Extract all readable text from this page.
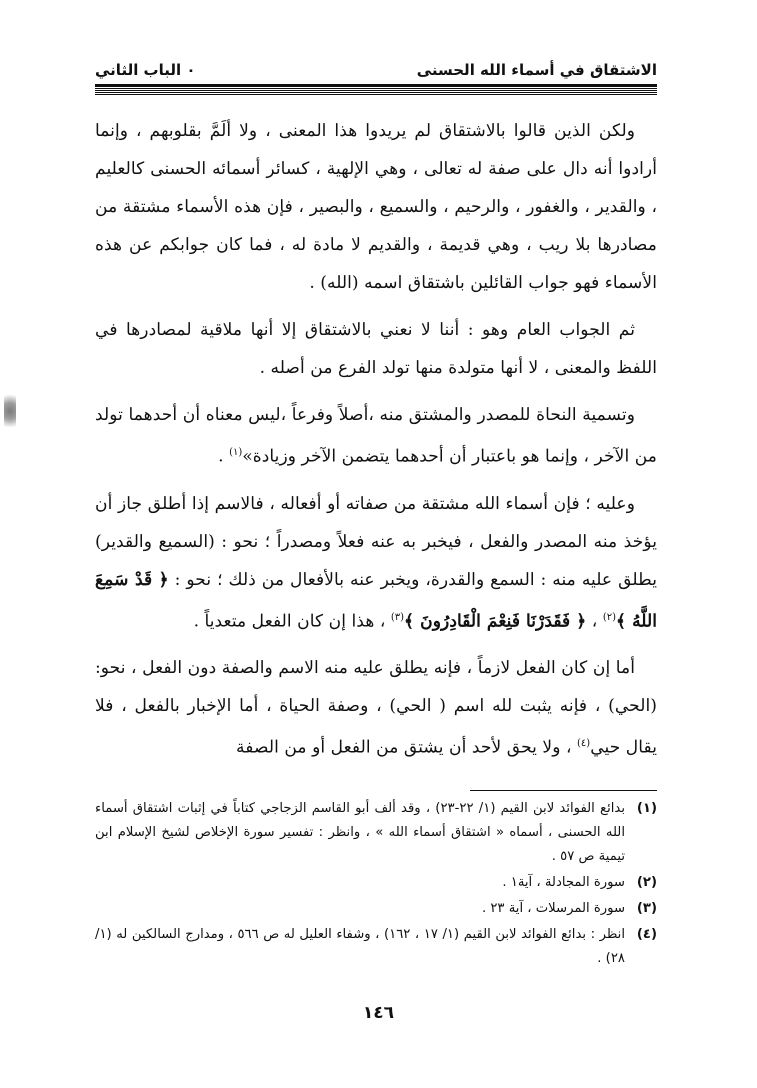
الاشتقاق في أسماء الله الحسنى
٠ الباب الثاني

ولكن الذين قالوا بالاشتقاق لم يريدوا هذا المعنى ، ولا ألَمَّ بقلوبهم ، وإنما أرادوا أنه دال على صفة له تعالى ، وهي الإلهية ، كسائر أسمائه الحسنى كالعليم ، والقدير ، والغفور ، والرحيم ، والسميع ، والبصير ، فإن هذه الأسماء مشتقة من مصادرها بلا ريب ، وهي قديمة ، والقديم لا مادة له ، فما كان جوابكم عن هذه الأسماء فهو جواب القائلين باشتقاق اسمه (الله) .

ثم الجواب العام وهو : أننا لا نعني بالاشتقاق إلا أنها ملاقية لمصادرها في اللفظ والمعنى ، لا أنها متولدة منها تولد الفرع من أصله .

وتسمية النحاة للمصدر والمشتق منه ،أصلاً وفرعاً ،ليس معناه أن أحدهما تولد من الآخر ، وإنما هو باعتبار أن أحدهما يتضمن الآخر وزيادة»$^{(١)}$ .

وعليه ؛ فإن أسماء الله مشتقة من صفاته أو أفعاله ، فالاسم إذا أطلق جاز أن يؤخذ منه المصدر والفعل ، فيخبر به عنه فعلاً ومصدراً ؛ نحو : (السميع والقدير) يطلق عليه منه : السمع والقدرة، ويخبر عنه بالأفعال من ذلك ؛ نحو : ﴿ قَدْ سَمِعَ اللَّهُ ﴾$^{(٢)}$ ، ﴿ فَقَدَرْنَا فَنِعْمَ الْقَادِرُونَ ﴾$^{(٣)}$ ، هذا إن كان الفعل متعدياً .

أما إن كان الفعل لازماً ، فإنه يطلق عليه منه الاسم والصفة دون الفعل ، نحو: (الحي) ، فإنه يثبت لله اسم ( الحي) ، وصفة الحياة ، أما الإخبار بالفعل ، فلا يقال حيي$^{(٤)}$ ، ولا يحق لأحد أن يشتق من الفعل أو من الصفة

(١)
بدائع الفوائد لابن القيم (١/ ٢٢-٢٣) ، وقد ألف أبو القاسم الزجاجي كتاباً في إثبات اشتقاق أسماء الله الحسنى ، أسماه « اشتقاق أسماء الله » ، وانظر : تفسير سورة الإخلاص لشيخ الإسلام ابن تيمية ص ٥٧ .
(٢)
سورة المجادلة ، آية١ .
(٣)
سورة المرسلات ، آية ٢٣ .
(٤)
انظر : بدائع الفوائد لابن القيم (١/ ١٧ ، ١٦٢) ، وشفاء العليل له ص ٥٦٦ ، ومدارج السالكين له (١/ ٢٨) .
١٤٦
